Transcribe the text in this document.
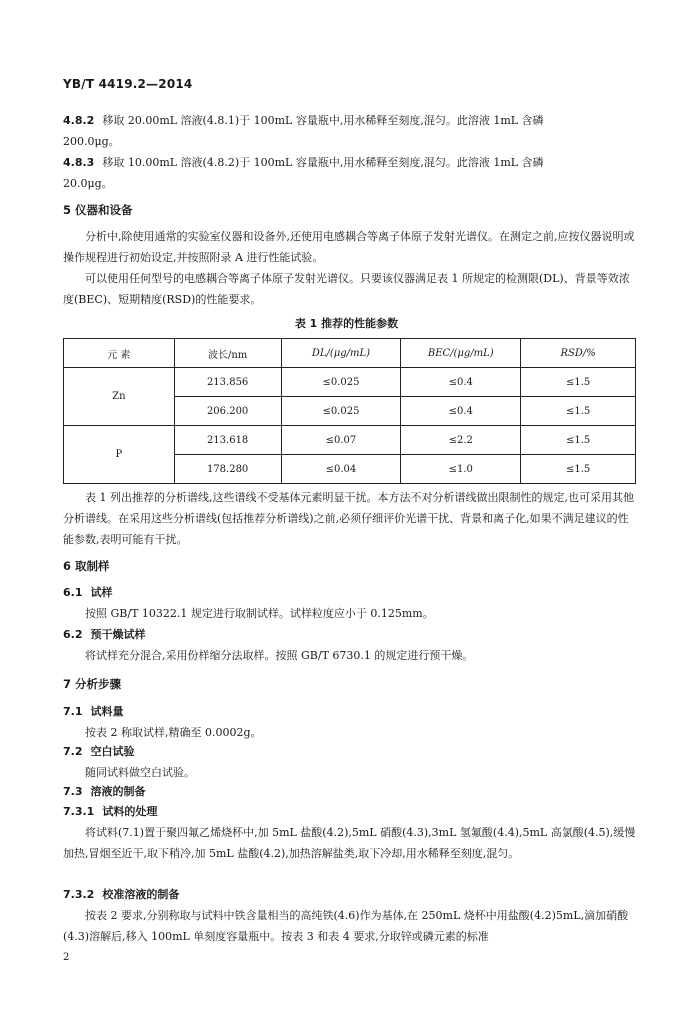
YB/T 4419.2—2014
4.8.2 移取 20.00mL 溶液(4.8.1)于 100mL 容量瓶中,用水稀释至刻度,混匀。此溶液 1mL 含磷
200.0μg。
4.8.3 移取 10.00mL 溶液(4.8.2)于 100mL 容量瓶中,用水稀释至刻度,混匀。此溶液 1mL 含磷
20.0μg。
5 仪器和设备
分析中,除使用通常的实验室仪器和设备外,还使用电感耦合等离子体原子发射光谱仪。在测定之前,应按仪器说明或操作规程进行初始设定,并按照附录 A 进行性能试验。
可以使用任何型号的电感耦合等离子体原子发射光谱仪。只要该仪器满足表 1 所规定的检测限(DL)、背景等效浓度(BEC)、短期精度(RSD)的性能要求。
表 1 推荐的性能参数
元 素	波长/nm	DL/(μg/mL)	BEC/(μg/mL)	RSD/%
Zn	213.856	≤0.025	≤0.4	≤1.5
	206.200	≤0.025	≤0.4	≤1.5
P	213.618	≤0.07	≤2.2	≤1.5
	178.280	≤0.04	≤1.0	≤1.5
表 1 列出推荐的分析谱线,这些谱线不受基体元素明显干扰。本方法不对分析谱线做出限制性的规定,也可采用其他分析谱线。在采用这些分析谱线(包括推荐分析谱线)之前,必须仔细评价光谱干扰、背景和离子化,如果不满足建议的性能参数,表明可能有干扰。
6 取制样
6.1 试样
按照 GB/T 10322.1 规定进行取制试样。试样粒度应小于 0.125mm。
6.2 预干燥试样
将试样充分混合,采用份样缩分法取样。按照 GB/T 6730.1 的规定进行预干燥。
7 分析步骤
7.1 试料量
按表 2 称取试样,精确至 0.0002g。
7.2 空白试验
随同试料做空白试验。
7.3 溶液的制备
7.3.1 试料的处理
将试料(7.1)置于聚四氟乙烯烧杯中,加 5mL 盐酸(4.2),5mL 硝酸(4.3),3mL 氢氟酸(4.4),5mL 高氯酸(4.5),缓慢加热,冒烟至近干,取下稍冷,加 5mL 盐酸(4.2),加热溶解盐类,取下冷却,用水稀释至刻度,混匀。
7.3.2 校准溶液的制备
按表 2 要求,分别称取与试料中铁含量相当的高纯铁(4.6)作为基体,在 250mL 烧杯中用盐酸(4.2)5mL,滴加硝酸(4.3)溶解后,移入 100mL 单刻度容量瓶中。按表 3 和表 4 要求,分取锌或磷元素的标准
2
